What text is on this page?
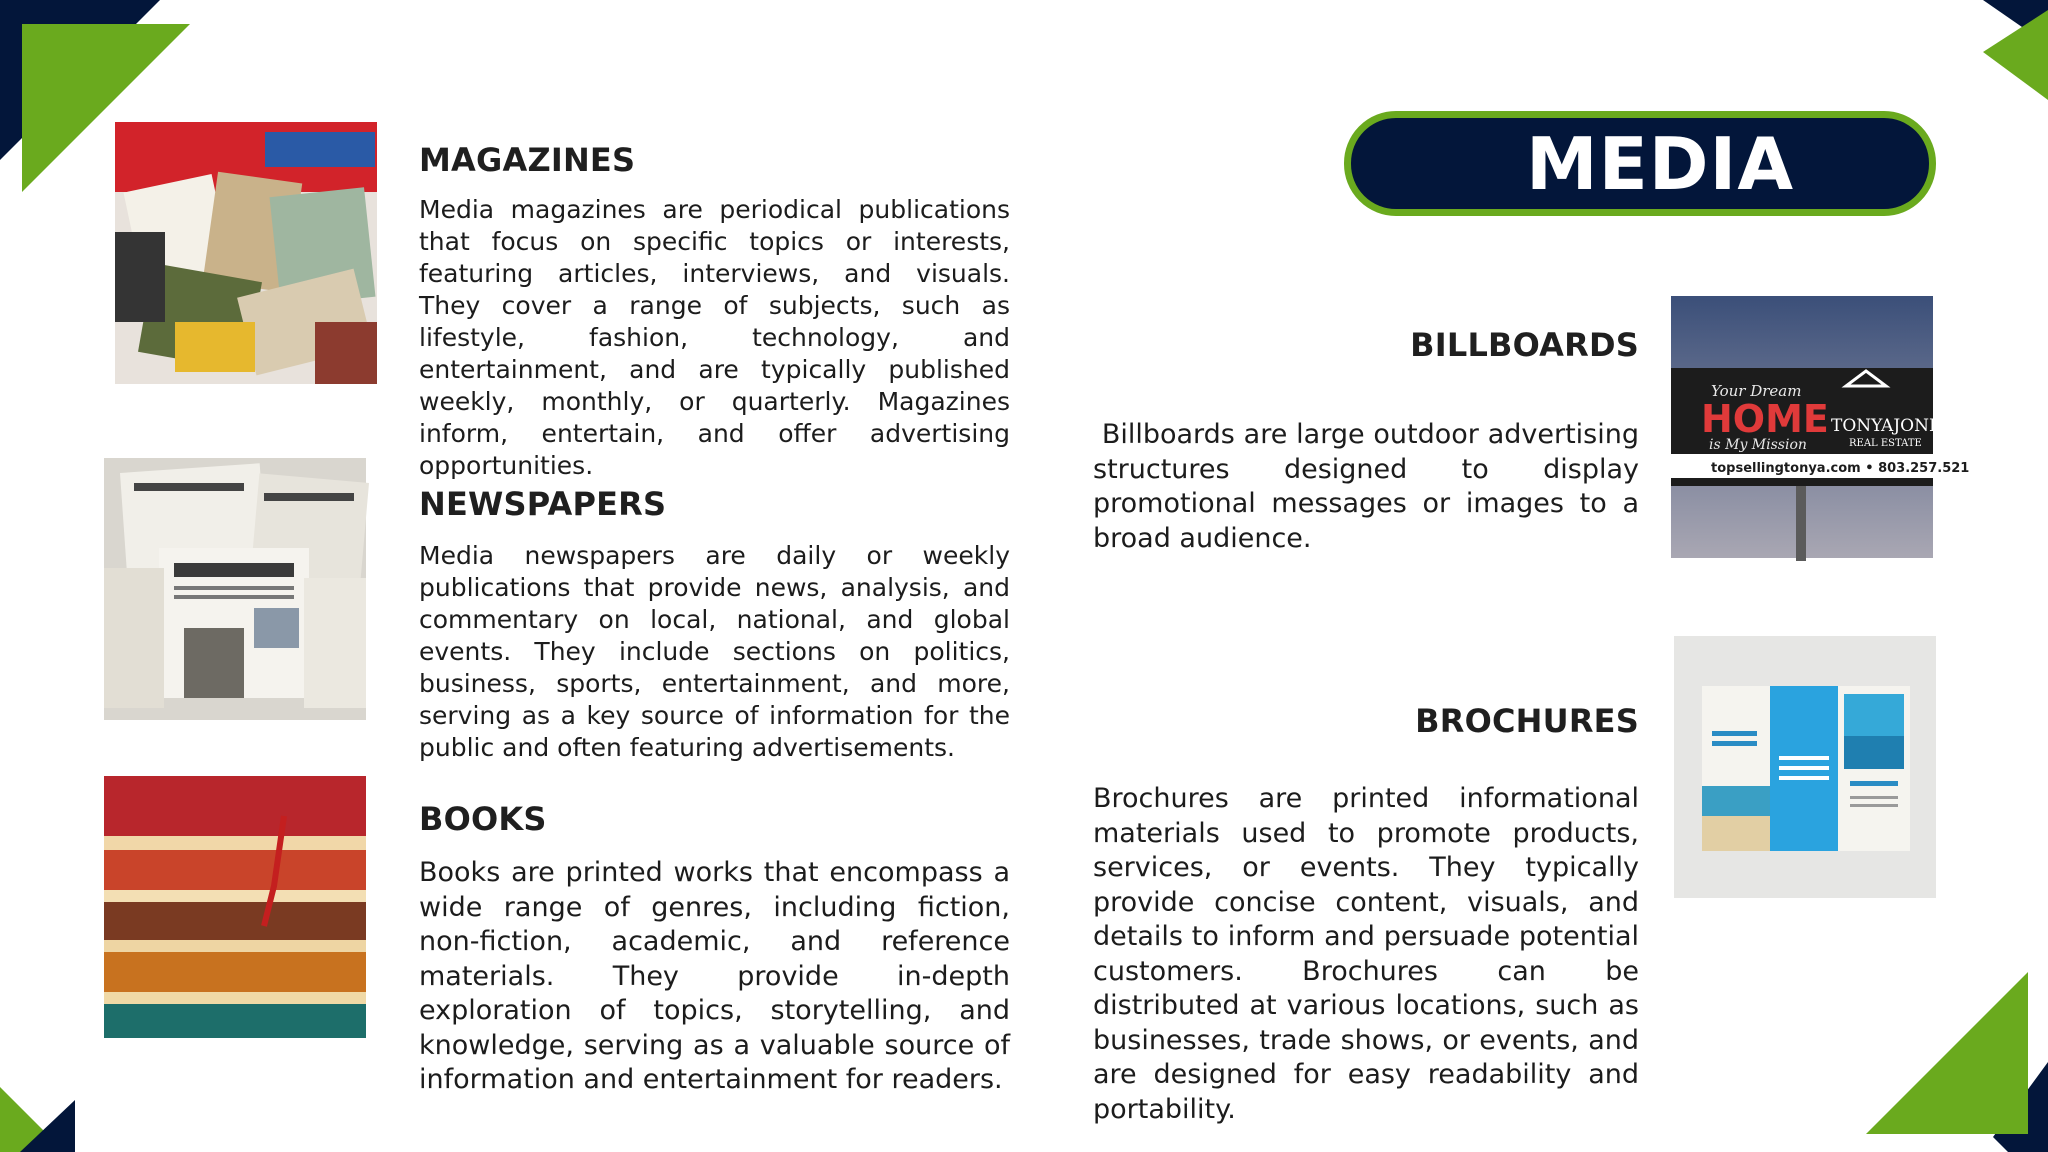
MEDIA
MAGAZINES

Media magazines are periodical publications that focus on specific topics or interests, featuring articles, interviews, and visuals. They cover a range of subjects, such as lifestyle, fashion, technology, and entertainment, and are typically published weekly, monthly, or quarterly. Magazines inform, entertain, and offer advertising opportunities.

NEWSPAPERS

Media newspapers are daily or weekly publications that provide news, analysis, and commentary on local, national, and global events. They include sections on politics, business, sports, entertainment, and more, serving as a key source of information for the public and often featuring advertisements.

BOOKS

Books are printed works that encompass a wide range of genres, including fiction, non-fiction, academic, and reference materials. They provide in-depth exploration of topics, storytelling, and knowledge, serving as a valuable source of information and entertainment for readers.

BILLBOARDS

Billboards are large outdoor advertising structures designed to display promotional messages or images to a broad audience.

Your Dream
HOME
is My Mission
TONYAJONES
REAL ESTATE
topsellingtonya.com • 803.257.521
BROCHURES

Brochures are printed informational materials used to promote products, services, or events. They typically provide concise content, visuals, and details to inform and persuade potential customers. Brochures can be distributed at various locations, such as businesses, trade shows, or events, and are designed for easy readability and portability.
